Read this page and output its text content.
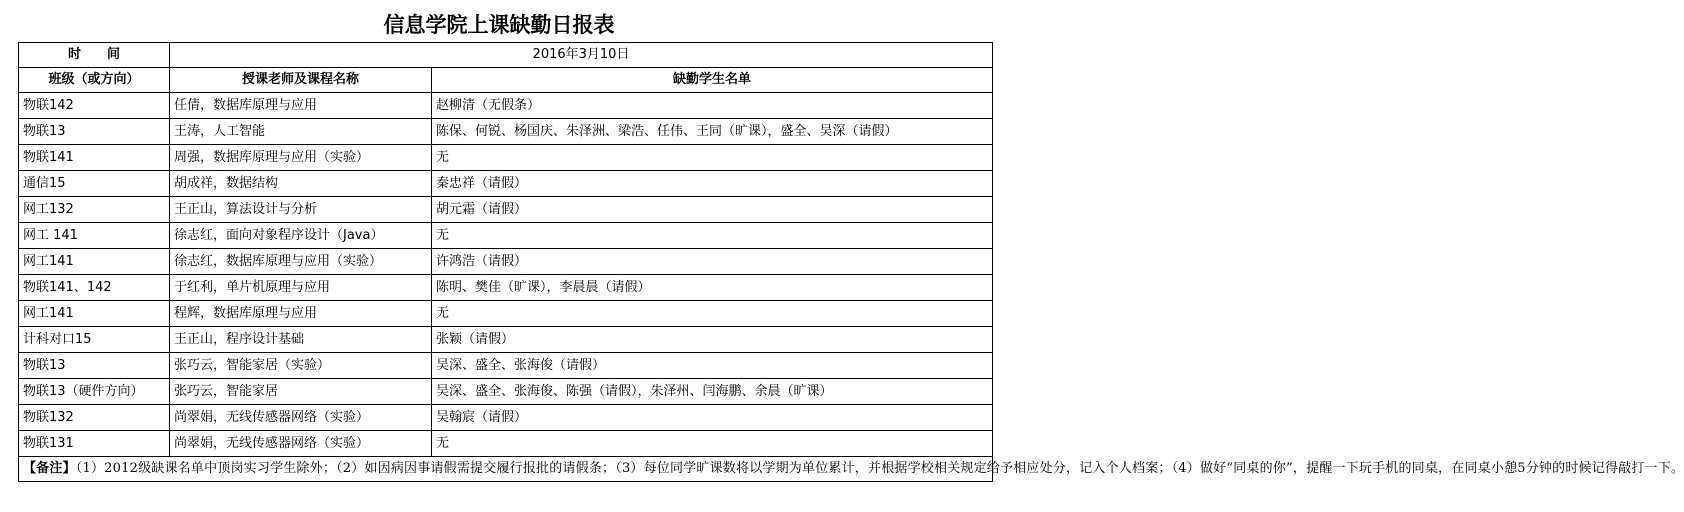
信息学院上课缺勤日报表
时　　间	2016年3月10日	
班级（或方向）	授课老师及课程名称	缺勤学生名单
物联142	任倩，数据库原理与应用	赵柳清（无假条）
物联13	王涛，人工智能	陈保、何锐、杨国庆、朱泽洲、梁浩、任伟、王同（旷课），盛全、吴深（请假）
物联141	周强，数据库原理与应用（实验）	无
通信15	胡成祥，数据结构	秦忠祥（请假）
网工132	王正山，算法设计与分析	胡元霜（请假）
网工 141	徐志红，面向对象程序设计（Java）	无
网工141	徐志红，数据库原理与应用（实验）	许鸿浩（请假）
物联141、142	于红利，单片机原理与应用	陈明、樊佳（旷课），李晨晨（请假）
网工141	程辉，数据库原理与应用	无
计科对口15	王正山，程序设计基础	张颖（请假）
物联13	张巧云，智能家居（实验）	吴深、盛全、张海俊（请假）
物联13（硬件方向）	张巧云，智能家居	吴深、盛全、张海俊、陈强（请假），朱泽州、闫海鹏、余晨（旷课）
物联132	尚翠娟，无线传感器网络（实验）	吴翰宸（请假）
物联131	尚翠娟，无线传感器网络（实验）	无
【备注】（1）2012级缺课名单中顶岗实习学生除外；（2）如因病因事请假需提交履行报批的请假条；（3）每位同学旷课数将以学期为单位累计，并根据学校相关规定给予相应处分，记入个人档案；（4）做好“同桌的你”，提醒一下玩手机的同桌，在同桌小憩5分钟的时候记得敲打一下。		
